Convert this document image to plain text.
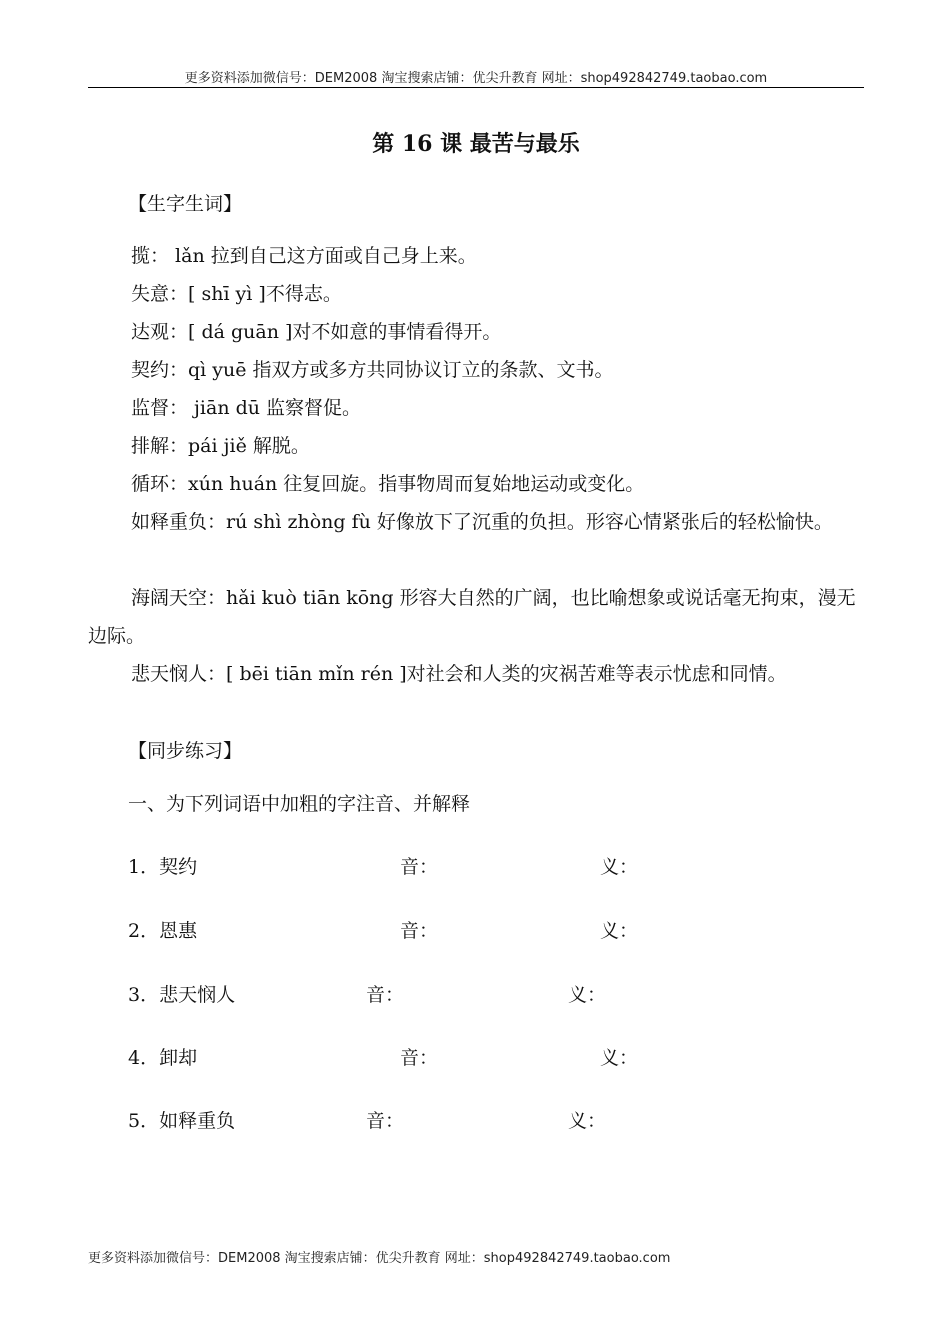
更多资料添加微信号：DEM2008 淘宝搜索店铺：优尖升教育 网址：shop492842749.taobao.com
第 16 课 最苦与最乐
【生字生词】
揽： lǎn 拉到自己这方面或自己身上来。
失意：[ shī yì ]不得志。
达观：[ dá guān ]对不如意的事情看得开。
契约：qì yuē 指双方或多方共同协议订立的条款、文书。
监督： jiān dū 监察督促。
排解：pái jiě 解脱。
循环：xún huán 往复回旋。指事物周而复始地运动或变化。
如释重负：rú shì zhòng fù 好像放下了沉重的负担。形容心情紧张后的轻松愉快。
海阔天空：hǎi kuò tiān kōng 形容大自然的广阔，也比喻想象或说话毫无拘束，漫无边际。
悲天悯人：[ bēi tiān mǐn rén ]对社会和人类的灾祸苦难等表示忧虑和同情。
【同步练习】
一、为下列词语中加粗的字注音、并解释
1．契约	音：	义：
2．恩惠	音：	义：
3．悲天悯人	音：	义：
4．卸却	音：	义：
5．如释重负	音：	义：
更多资料添加微信号：DEM2008 淘宝搜索店铺：优尖升教育 网址：shop492842749.taobao.com
